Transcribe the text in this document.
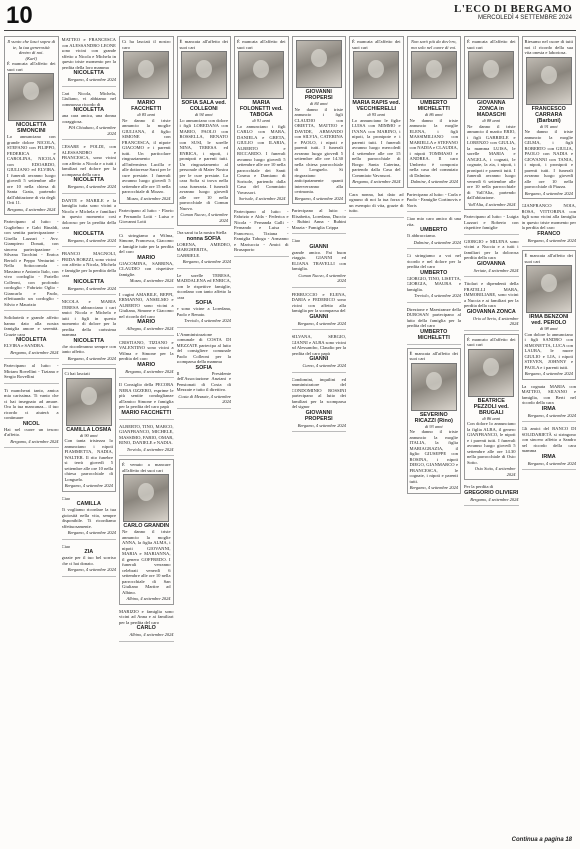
10	L'ECO DI BERGAMO
MERCOLEDÌ 4 SETTEMBRE 2024
Il vuoto che lasci sopra di te, la tua generosità dentro di noi.
(Karl)
È mancata all'affetto dei suoi cari
NICOLETTA SIMONCINI
Lo annunciano con grande dolore NICOLA, STEFANO con FILIPPO, FEDERICA e CAROLINA, NICOLA con EDOARDO, GIULIANO ed ELVIRA. I funerali avranno luogo giovedì 5 settembre alle ore 10 nella chiesa di Santa Grata, partendo dall'abitazione di via degli Orti 11.
Bergamo, 4 settembre 2024
Partecipano al lutto: - Guglielmo e Gabi Rinaldi, con sentita partecipazione - Gisella Lazzari - Avv. Giampiero Donati, con sincera partecipazione - Silvana Tacchini - Enrica Bertoli e Peppo Venturini - Nella Sottocornola - Massimo e Antonio Italo, con vivo cordoglio - Fratello Colleoni, con profondo cordoglio - Fabrizio Oglio - Giancarlo e Paolo, effettuando un cordoglio - Silvio e Maurizio
Solidarietà e grande affetto hanno dato alla nostra famiglia amore e serenità. Grazie cara
NICOLETTA
ELVIRA e SANDRA.
Bergamo, 4 settembre 2024
Partecipano al lutto: - Miriam Rovellini - Tiziana e Sergio Rovellini
Ti mancherai tanto, amica mia carissima. Ti vanto che ci hai insegnato ad amare. Ora la tua mancanza... il tuo ricordo ci aiuterà a continuare
NICOL
Hai nel cuore un tesoro d'affetto.
Bergamo, 4 settembre 2024
MATTEO e FRANCESCA con ALESSANDRO LEONE sono vicini con grande affetto a Nicola e Michela in questo triste momento per la perdita della loro mamma
NICOLETTA
Bergamo, 4 settembre 2024
Cari Nicola, Michela, Giuliano, vi abbiamo nel commosso ricordo di
NICOLETTA
una cara amica, una donna coraggiosa.
PIA Chiuduno, 4 settembre 2024
CESARE e POLDI, con ALESSANDRO e FRANCESCA, sono vicini con affetto a Nicola e a tutti i familiari nel dolore per la scomparsa della cara
NICOLETTA
Bergamo, 4 settembre 2024
DANTE e MARILE e la famiglia tutta sono vicini a Nicola e Michela e familiari in questo momento così doloroso per la perdita della cara
NICOLETTA
Bergamo, 4 settembre 2024
FRANCO MAGNOLI, FRIDA BORZZI, sono vicini con affetto a Nicola, Michela e famiglie per la perdita della cara
NICOLETTA
Bergamo, 4 settembre 2024
NICOLA e MARIA TERESA abbracciano i cari amici Nicola e Michela e tutti i figli in questo momento di dolore per la perdita della carissima mamma
NICOLETTA
che ricorderanno sempre con tanto affetto.
Bergamo, 4 settembre 2024
Ci hai lasciati
CAMILLA LOSMA
di 90 anni
Con tanta tristezza lo annunciano i nipoti FIAMMETTA, NADIA, WALTER. Il rito funebre si terrà giovedì 5 settembre alle ore 10 nella chiesa parrocchiale di Longuelo.
Bergamo, 4 settembre 2024
Ciao
CAMILLA
Ti vogliamo ricordare la tua gioiosità nella vita, sempre disponibile. Ti ricordiamo affettuosamente.
Bergamo, 4 settembre 2024
Ciao
ZIA
grazie per il tuo bel sorriso che ci hai donato.
Bergamo, 4 settembre 2024
Ci ha lasciati il nostro caro
MARIO FACCHETTI
di 85 anni
Ne danno il triste annuncio la moglie GIULIANA, il figlio SIMONE con FRANCESCA, il nipote GIACOMO e i parenti tutti. Un particolare ringraziamento all'infermiera Lucilla e alle dottoresse Sarzi per le cure prestate. I funerali avranno luogo giovedì 5 settembre alle ore 15 nella parrocchiale di Mozzo.
Mozzo, 4 settembre 2024
Partecipano al lutto: - Flavio e Fernando Lotti - Luisa e Giovanni Lotti
Ci stringiamo a Wilma, Simone, Francesca, Giacomo e famiglie tutte per la perdita del caro
MARIO
GIACOMINA, SABRINA, CLAUDIO con rispettive famiglie.
Mozzo, 4 settembre 2024
I cugini AMABILE, BEPPI, ERMANNO, ANSELMO e ALBERTO sono vicini a Giuliana, Simone e Giacomo nel ricordo del caro
MARIO
Albegno, 4 settembre 2024
CRISTIANO, TIZIANO e VALENTINO sono vicini a Wilma e Simone per la perdita del caro
MARIO
Bergamo, 4 settembre 2024
Il Consiglio della PECORA NERA OZZERO, esprime le più sentite condoglianze all'amico Simone e famiglia per la perdita del caro papà
MARIO FACCHETTI
ALBERTO, TINO, MARCO, GIANFRANCO, MICHELE, MASSIMO, FABIO, OMAR, RINO, DANIELE e NADIA.
Treviolo, 4 settembre 2024
È venuto a mancare all'affetto dei suoi cari
CARLO GRANDIN
Ne danno il triste annuncio la moglie ANNA, la figlia ALMA, i nipoti GIOVANNI, MARIA e MARIANNA, il genero GOFFREDO. I funerali verranno celebrati venerdì 6 settembre alle ore 10 nella parrocchiale di San Giuliano Martire ad Albino.
Albino, 4 settembre 2024
MARIZIO e famiglia sono vicini ad Anna e ai familiari per la perdita del caro
CARLO
Albino, 4 settembre 2024
È mancata all'affetto dei suoi cari
SOFIA SALA ved. COLLEONI
di 94 anni
Lo annunciano con dolore i figli LOREDANA con MARIO, PAOLO con ROSSELLA, RENATO con SUSI, le sorelle NINA, TERESA ed ENRICA, i nipoti, i pronipoti e parenti tutti. Un ringraziamento al personale di Mater Nostra per le cure prestate. La cara Sofia si trova nella casa funeraria. I funerali avranno luogo giovedì alle ore 10 nella parrocchiale di Comun Nuovo.
Comun Nuovo, 4 settembre 2024
Ora saraì tu la nostra Stella
nonna SOFIA
LORENA, AMEDEO, MARGHERITA, GABRIELE.
Bergamo, 4 settembre 2024
Le sorelle TERESA, MADDALENA ed ENRICA, con le rispettive famiglie, ricordano con tanto affetto la cara
SOFIA
e sono vicine a Loredana, Paolo e Renato.
Treviolo, 4 settembre 2024
L'Amministrazione comunale di COSTA DI MEZZATE partecipa al lutto del consigliere comunale Paolo Colleoni per la scomparsa della mamma
SOFIA
Il Presidente dell'Associazione Anziani e Pensionati di Costa di Mezzate e tutto il direttivo.
Costa di Mezzate, 4 settembre 2024
È mancata all'affetto dei suoi cari
MARIA FOLONETTI ved. TABOGA
di 91 anni
Lo annunciano i figli CARLO con MARA, DANIELA e GRETA, GIULIO con ILARIA, ALBERTO e RICCARDO. I funerali avranno luogo giovedì 5 settembre alle ore 10 nella parrocchiale dei Santi Cosma e Damiano di Sorisole, partendo dalla Casa del Commiato Vavassori.
Sorisole, 4 settembre 2024
Partecipano al lutto: - Fabrizio e Alda - Federica e Nicola - Fernanda Galli - Fernando e Luisa - Francesco, Tiziana - Famiglia Taboga - Armanno e Mariuccia - Amici di Brusaporto
GIOVANNI PROPERSI
di 84 anni
Ne danno il triste annuncio i figli CLAUDIO con ORIETTA, MATTEO e DAVIDE, ARMANDO con SILVIA, CATERINA e PAOLO, i nipoti e parenti tutti. I funerali avranno luogo giovedì 5 settembre alle ore 14.30 nella chiesa parrocchiale di Longuelo. Si ringraziano anticipatamente quanti interverranno alla cerimonia.
Bergamo, 4 settembre 2024
Partecipano al lutto: - Elisabetta, Loredana, Duccio - Rubini Anna - Rubini Marzia - Famiglia Crippa
Ciao
GIANNI
grande amico. Fai buon viaggio. GIANNI ed ELIANA TRAVELLI con famiglia.
Comun Nuovo, 4 settembre 2024
FERRUCCIO e ELENA, DARIA e FEDERICO sono vicini con affetto alla famiglia per la scomparsa del
GIANNI
Bergamo, 4 settembre 2024
SILVANA, SERGIO, GIANNI e ALBA sono vicini ad Alessandro, Claudio per la perdita del caro papà
GIANNI
Curno, 4 settembre 2024
Condomini, inquilini ed amministratore del CONDOMINIO ROSSINI partecipano al lutto dei familiari per la scomparsa del signor
GIOVANNI PROPERSI
Bergamo, 4 settembre 2024
È mancata all'affetto dei suoi cari
MARIA RAPIS ved. VECCHIERELLI
di 95 anni
Lo annunciano le figlie LUISA con MIMMO e IVANA con MARINO, i nipoti, la pronipote e i parenti tutti. I funerali avranno luogo mercoledì 4 settembre alle ore 15 nella parrocchiale di Borgo Santa Caterina, partendo dalla Casa del Commiato Vavassori.
Bergamo, 4 settembre 2024
Cara nonna, hai dato ad ognuno di noi la tua forza e un esempio di vita, grazie di tutto.
Non sarò più da dov'ero, ma solo nel cuore di voi.
UMBERTO MICHELETTI
di 86 anni
Ne danno il triste annuncio la moglie ELENA, i figli MASSIMILIANO con MARIELLA e STEFANO con NADIA e CLAUDIA, i nipoti TOMMASO e ANDREA. Il caro Umberto è composto nella casa del commiato di Dalmine.
Dalmine, 4 settembre 2024
Partecipano al lutto: - Carla e Paolo - Famiglie Cortinovis e Noris
Ciao mio caro amico di una vita.
UMBERTO
Ti abbracciamo.
Dalmine, 4 settembre 2024
Ci stringiamo a voi nel ricordo e nel dolore per la perdita del caro
UMBERTO
GIORGIO, TINO, LISETTA, GIORGIA, MAURA e famiglia.
Treviolo, 4 settembre 2024
Direzione e Maestranze della DUROSAN partecipano al lutto della famiglia per la perdita del caro
UMBERTO MICHELETTI
È mancata all'affetto dei suoi cari
SEVERINO RICAZZI (Rino)
di 93 anni
Ne danno il triste annuncio la moglie ITALIA, la figlia MARIAGRAZIA, il figlio GIUSEPPE con ROSINA, i nipoti DIEGO, GIANMARCO e FRANCESCA, le cognate, i nipoti e parenti tutti.
Bergamo, 4 settembre 2024
È mancata all'affetto dei suoi cari
GIOVANNA ZONCA in MADASCHI
di 88 anni
Ne danno il triste annuncio il marito ERIO, i figli GABRIELE e LORENZO con GIULIA, la mamma LUISA, le sorelle MARIA e ANGELA, i cognati, le cognate, la zia, i nipoti, i pronipoti e parenti tutti. I funerali avranno luogo venerdì 6 settembre alle ore 10 nella parrocchiale di Vall'Alta, partendo dall'abitazione.
Vall'Alta, 4 settembre 2024
Partecipano al lutto: - Luigia Lazzari e Roberto con rispettive famiglie
GIORGIO e MILENA sono vicini a Nuccia e a tutti i familiari per la dolorosa perdita della cara
GIOVANNA
Seriate, 4 settembre 2024
Titolari e dipendenti della FRATELLI MARA, IMMOBILIARE, sono vicini a Nuccia e ai familiari per la perdita della cara
GIOVANNA ZONCA
Orio al Serio, 4 settembre 2024
È mancato all'affetto dei suoi cari
BEATRICE PEZZOLI ved. BRUGALI
di 86 anni
Con dolore lo annunciano la figlia ALBA, il genero GIANFRANCO, le nipoti e i parenti tutti. I funerali avranno luogo giovedì 5 settembre alle ore 14.30 nella parrocchiale di Osio Sotto.
Osio Sotto, 4 settembre 2024
Per la perdita di
GREGORIO OLIVIERI
Bergamo, 4 settembre 2024
Riesumo nel cuore di tutti noi il ricordo della sua vita onesta e laboriosa.
FRANCESCO CARRARA (Barbuni)
di 91 anni
Ne danno il triste annuncio la moglie GILMA, i figli ROBERTO con GIULIA, PAOLO con NADIA e GIOVANNI con TANIA, i nipoti, i pronipoti e parenti tutti. I funerali avranno luogo giovedì alle ore 10 nella parrocchiale di Piazza.
Bergamo, 4 settembre 2024
GIANFRANCO NOIA, ROSA, VITTORINA con figli sono vicini alla famiglia in questo triste momento per la perdita del caro
FRANCO
Bergamo, 4 settembre 2024
È mancata all'affetto dei suoi cari
IRMA BENZONI ved. PEROLO
di 98 anni
Con dolore lo annunciano i figli SANDRO con SIMONETTA, LUCA con LAURA, le nuore GIULIO e LIA, i nipoti STEVEN, JOHNNY e PAOLA e i parenti tutti.
Bergamo, 4 settembre 2024
La cognata MARIA con MATTEO, SILVANO e famiglia, con Berti nel ricordo della cara
IRMA
Bergamo, 4 settembre 2024
Gli amici del BANCO DI SOLIDARIETÀ si stringono con sincero affetto a Sandro nel ricordo della cara mamma
IRMA
Bergamo, 4 settembre 2024
Continua a pagina 18
